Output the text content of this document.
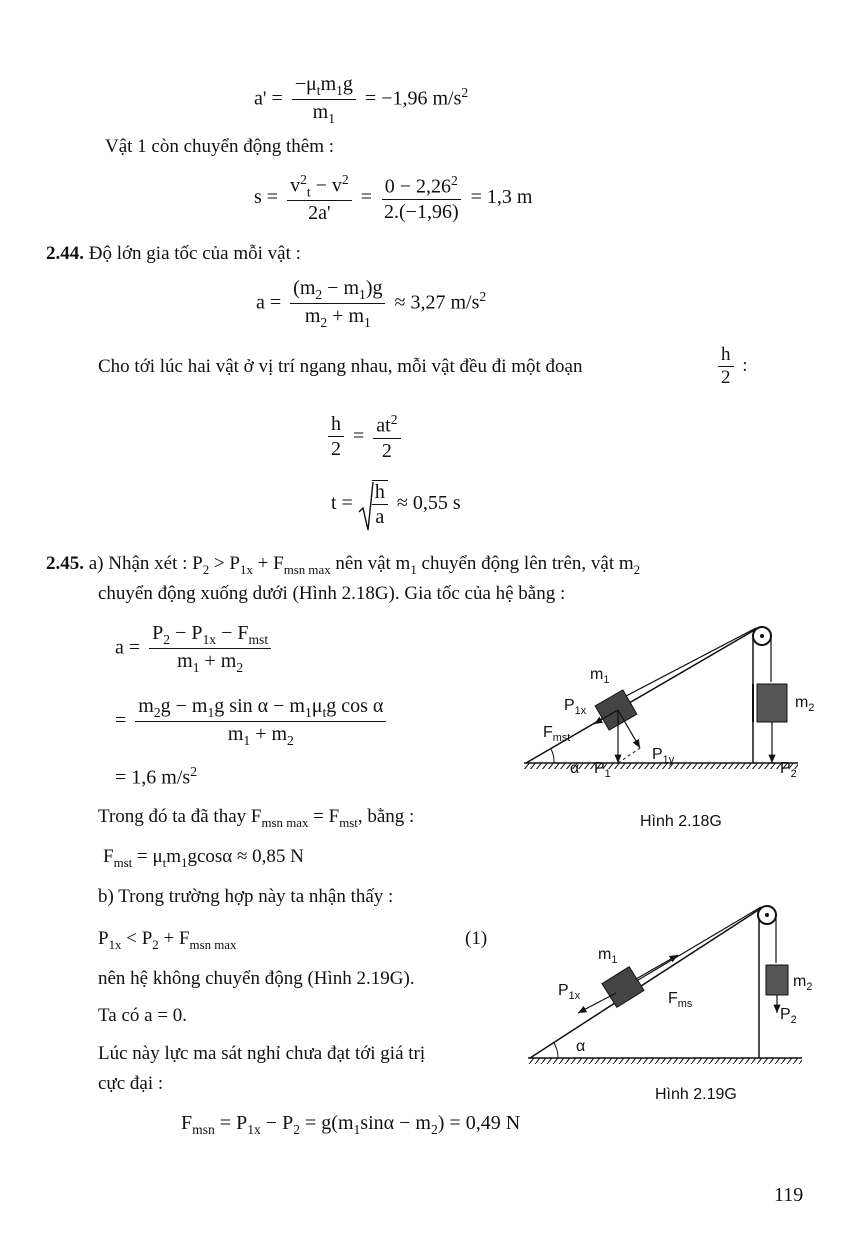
$a' = \frac{-\mu_tm_1g}{m_1} = -1,96$ $m/s^2$
Vật 1 còn chuyển động thêm :
$s = \frac{v^2_t - v^2}{2a'} = \frac{0 - 2,26^2}{2.(-1,96)} = 1,3$ m
2.44. Độ lớn gia tốc của mỗi vật :
$a = \frac{(m_2 - m_1)g}{m_2 + m_1} \approx 3,27$ $m/s^2$
Cho tới lúc hai vật ở vị trí ngang nhau, mỗi vật đều đi một đoạn	$\frac{h}{2}$ :
$\frac{h}{2} = \frac{at^2}{2}$
$t = \frac{h}{a} \approx 0,55$ s
2.45. a) Nhận xét : $P_2 > P_{1x} + F_{msn max}$ nên vật $m_1$ chuyển động lên trên, vật $m_2$
chuyển động xuống dưới (Hình 2.18G). Gia tốc của hệ bằng :
$a = \frac{P_2 - P_{1x} - F_{mst}}{m_1 + m_2}$
= $\frac{m_2g - m_1g \sin \alpha - m_1\mu_tg \cos \alpha}{m_1 + m_2}$
= 1,6 $m/s^2$
Trong đó ta đã thay $F_{msn max} = F_{mst}$, bằng :
$F_{mst} = \mu_tm_1gcos\alpha \approx 0,85$ N
b) Trong trường hợp này ta nhận thấy :
$P_{1x} < P_2 + F_{msn max}$	(1)
nên hệ không chuyển động (Hình 2.19G).
Ta có a = 0.
Lúc này lực ma sát nghỉ chưa đạt tới giá trị
cực đại :
$F_{msn} = P_{1x} - P_2 = g(m_1\sin\alpha - m_2) = 0,49$ N
$m_1$
$m_2$
$P_{1x}$
$F_{mst}$
$P_{1y}$
α $P_1$	$P_2$
Hình 2.18G
$m_1$
$m_2$
$P_{1x}$	$F_{ms}$
$P_2$
α
Hình 2.19G
119
